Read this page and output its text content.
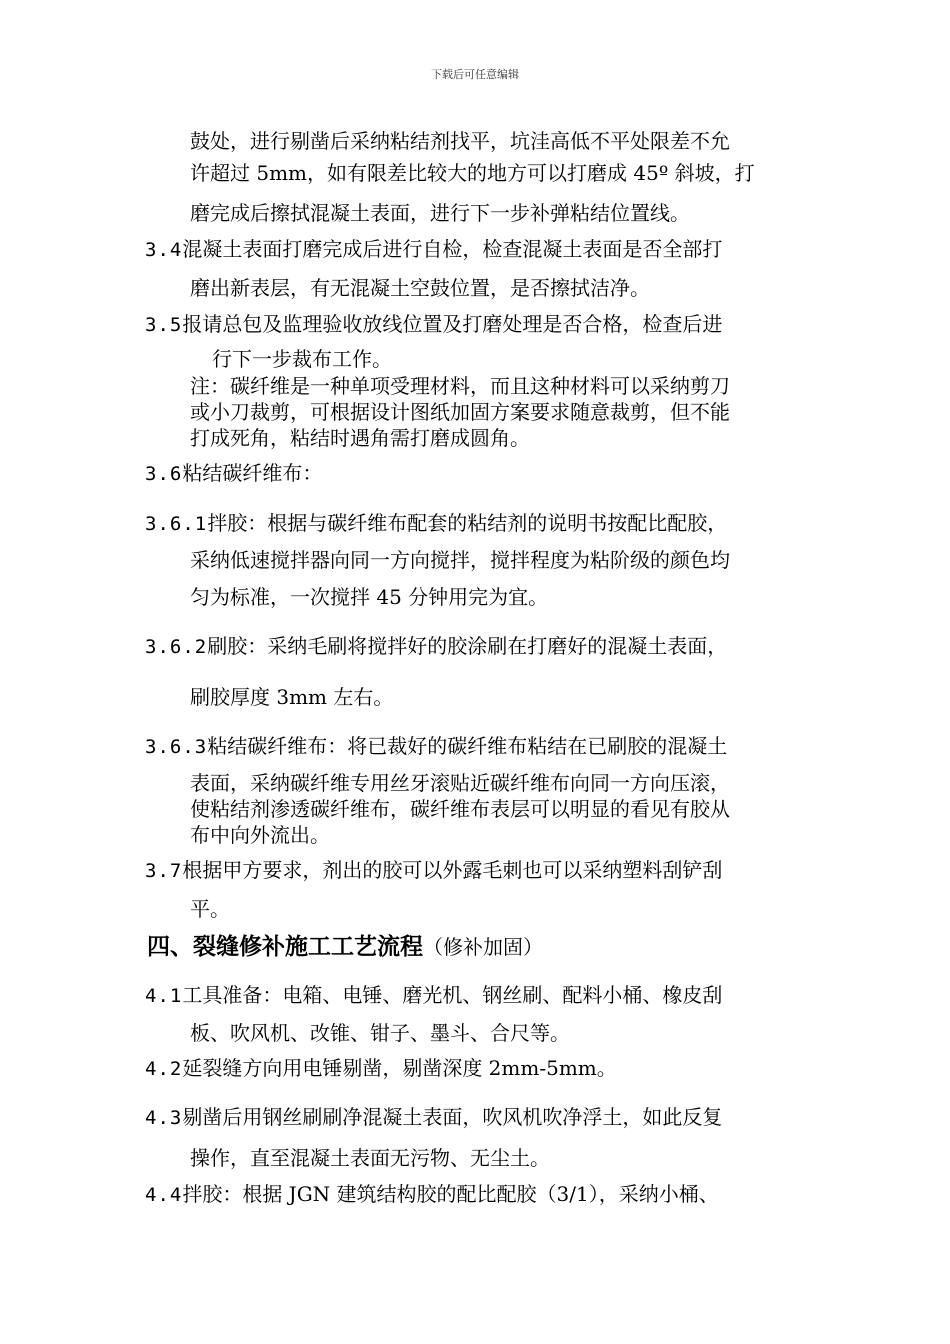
下载后可任意编辑
鼓处，进行剔凿后采纳粘结剂找平，坑洼高低不平处限差不允
许超过 5mm，如有限差比较大的地方可以打磨成 45º 斜坡，打
磨完成后擦拭混凝土表面，进行下一步补弹粘结位置线。
3.4混凝土表面打磨完成后进行自检，检查混凝土表面是否全部打
磨出新表层，有无混凝土空鼓位置，是否擦拭洁净。
3.5报请总包及监理验收放线位置及打磨处理是否合格，检查后进
行下一步裁布工作。
注：碳纤维是一种单项受理材料，而且这种材料可以采纳剪刀
或小刀裁剪，可根据设计图纸加固方案要求随意裁剪，但不能
打成死角，粘结时遇角需打磨成圆角。
3.6粘结碳纤维布：
3.6.1拌胶：根据与碳纤维布配套的粘结剂的说明书按配比配胶，
采纳低速搅拌器向同一方向搅拌，搅拌程度为粘阶级的颜色均
匀为标准，一次搅拌 45 分钟用完为宜。
3.6.2刷胶：采纳毛刷将搅拌好的胶涂刷在打磨好的混凝土表面，
刷胶厚度 3mm 左右。
3.6.3粘结碳纤维布：将已裁好的碳纤维布粘结在已刷胶的混凝土
表面，采纳碳纤维专用丝牙滚贴近碳纤维布向同一方向压滚，
使粘结剂渗透碳纤维布，碳纤维布表层可以明显的看见有胶从
布中向外流出。
3.7根据甲方要求，剂出的胶可以外露毛刺也可以采纳塑料刮铲刮
平。
四、裂缝修补施工工艺流程（修补加固）
4.1工具准备：电箱、电锤、磨光机、钢丝刷、配料小桶、橡皮刮
板、吹风机、改锥、钳子、墨斗、合尺等。
4.2延裂缝方向用电锤剔凿，剔凿深度 2mm-5mm。
4.3剔凿后用钢丝刷刷净混凝土表面，吹风机吹净浮土，如此反复
操作，直至混凝土表面无污物、无尘土。
4.4拌胶：根据 JGN 建筑结构胶的配比配胶（3/1），采纳小桶、
